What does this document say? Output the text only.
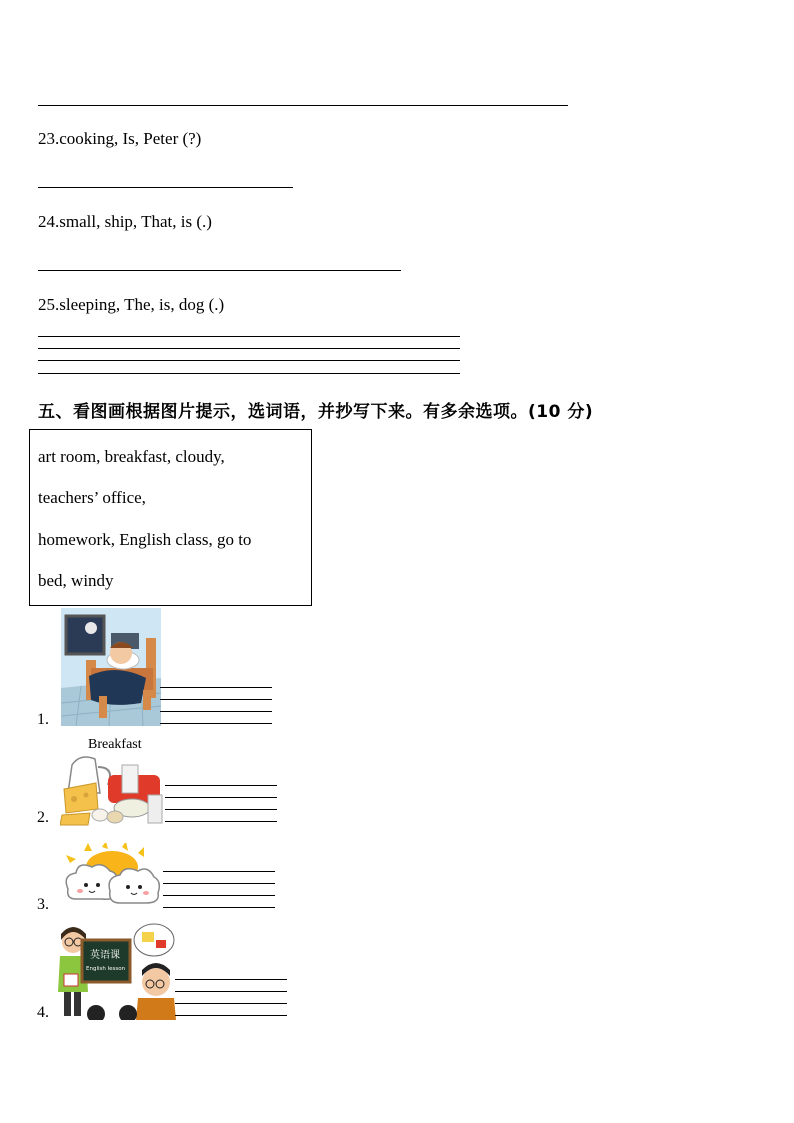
23.cooking, Is, Peter (?)
24.small, ship, That, is (.)
25.sleeping, The, is, dog (.)
五、看图画根据图片提示，选词语，并抄写下来。有多余选项。(10 分)
art room, breakfast, cloudy,
teachers’ office,
homework, English class, go to
bed, windy
1.
Breakfast
2.
3.
4.
英语课
English lesson
